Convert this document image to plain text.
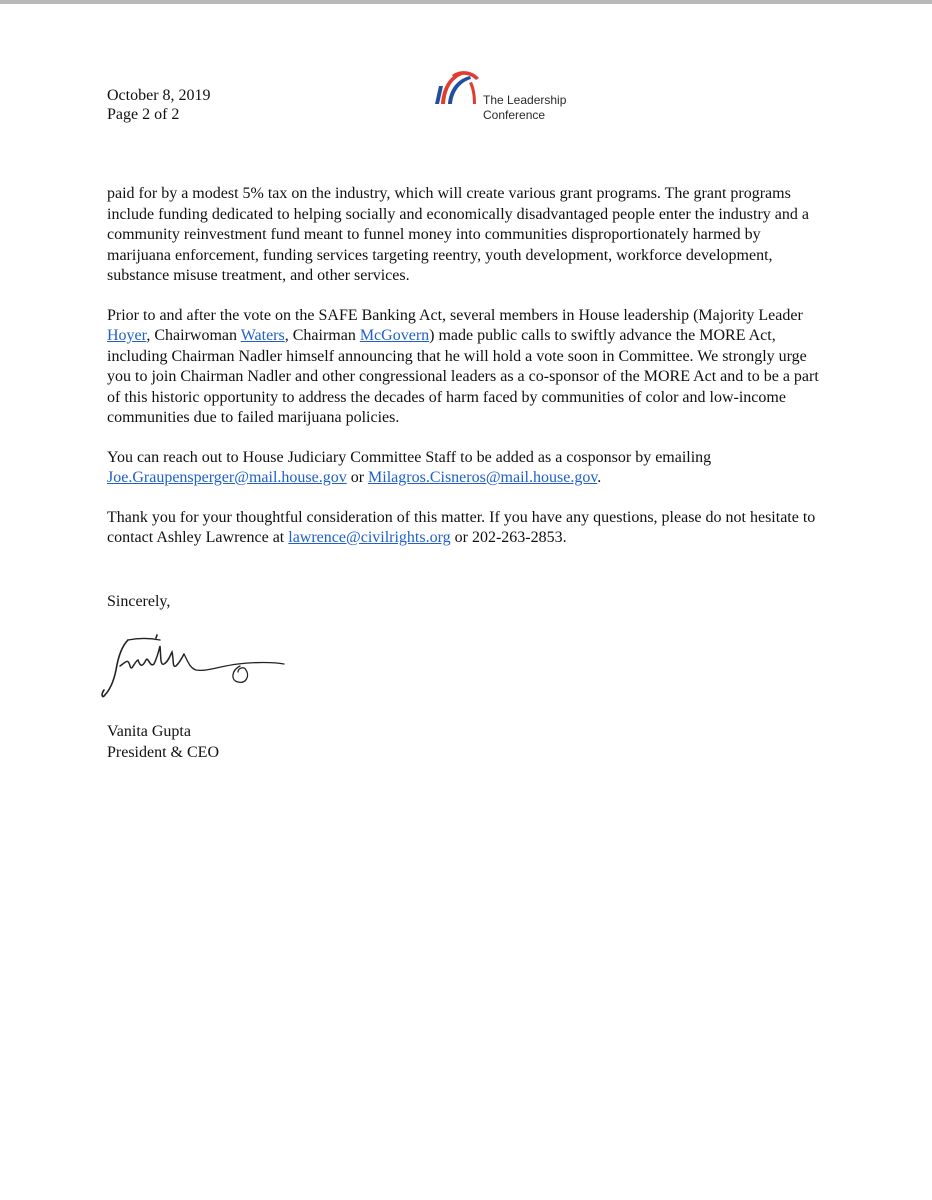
October 8, 2019
Page 2 of 2
The Leadership
Conference

paid for by a modest 5% tax on the industry, which will create various grant programs. The grant programs include funding dedicated to helping socially and economically disadvantaged people enter the industry and a community reinvestment fund meant to funnel money into communities disproportionately harmed by marijuana enforcement, funding services targeting reentry, youth development, workforce development, substance misuse treatment, and other services.

Prior to and after the vote on the SAFE Banking Act, several members in House leadership (Majority Leader Hoyer, Chairwoman Waters, Chairman McGovern) made public calls to swiftly advance the MORE Act, including Chairman Nadler himself announcing that he will hold a vote soon in Committee. We strongly urge you to join Chairman Nadler and other congressional leaders as a co-sponsor of the MORE Act and to be a part of this historic opportunity to address the decades of harm faced by communities of color and low-income communities due to failed marijuana policies.

You can reach out to House Judiciary Committee Staff to be added as a cosponsor by emailing Joe.Graupensperger@mail.house.gov or Milagros.Cisneros@mail.house.gov.

Thank you for your thoughtful consideration of this matter. If you have any questions, please do not hesitate to contact Ashley Lawrence at lawrence@civilrights.org or 202-263-2853.

Sincerely,
Vanita Gupta
President & CEO
